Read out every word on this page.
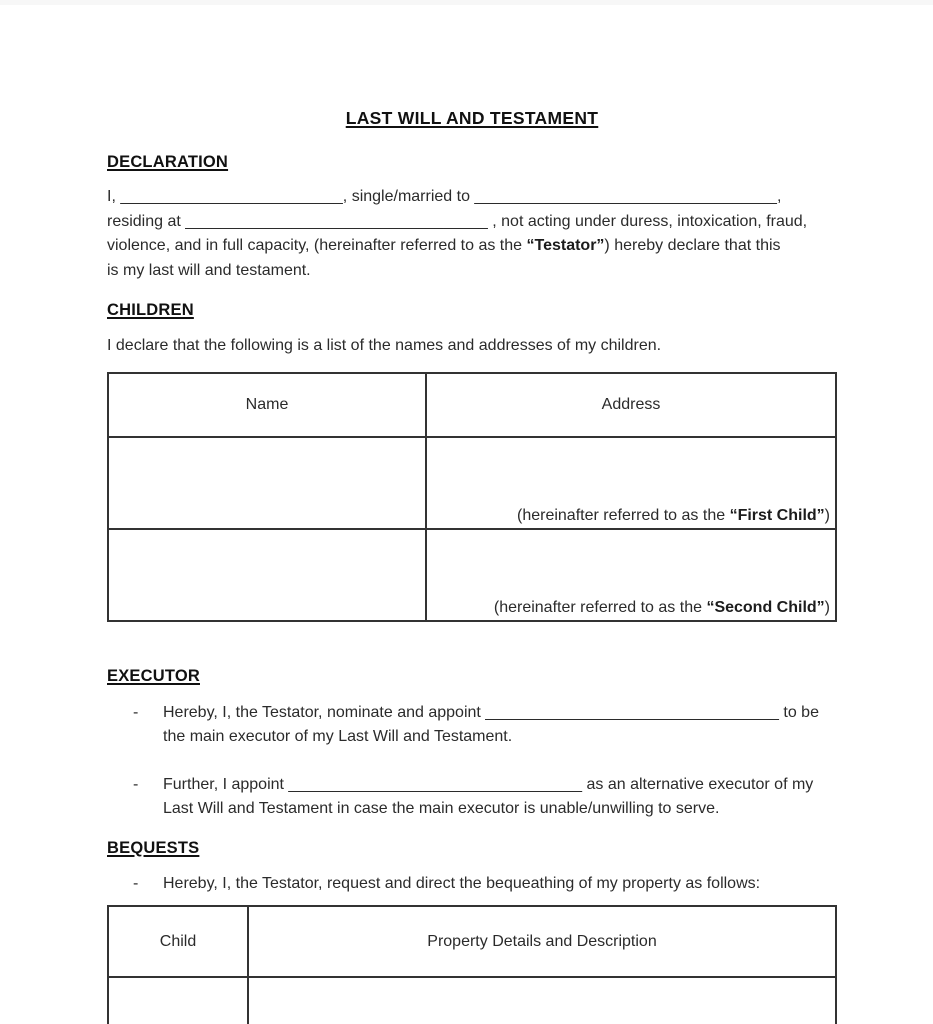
LAST WILL AND TESTAMENT
DECLARATION
I, _________________________, single/married to __________________________________,
residing at __________________________________ , not acting under duress, intoxication, fraud,
violence, and in full capacity, (hereinafter referred to as the “Testator”) hereby declare that this
is my last will and testament.
CHILDREN
I declare that the following is a list of the names and addresses of my children.
Name	Address
	(hereinafter referred to as the “First Child”)
	(hereinafter referred to as the “Second Child”)
EXECUTOR
-	Hereby, I, the Testator, nominate and appoint _________________________________ to be
the main executor of my Last Will and Testament.
-	Further, I appoint _________________________________ as an alternative executor of my
Last Will and Testament in case the main executor is unable/unwilling to serve.
BEQUESTS
-	Hereby, I, the Testator, request and direct the bequeathing of my property as follows:
Child	Property Details and Description
